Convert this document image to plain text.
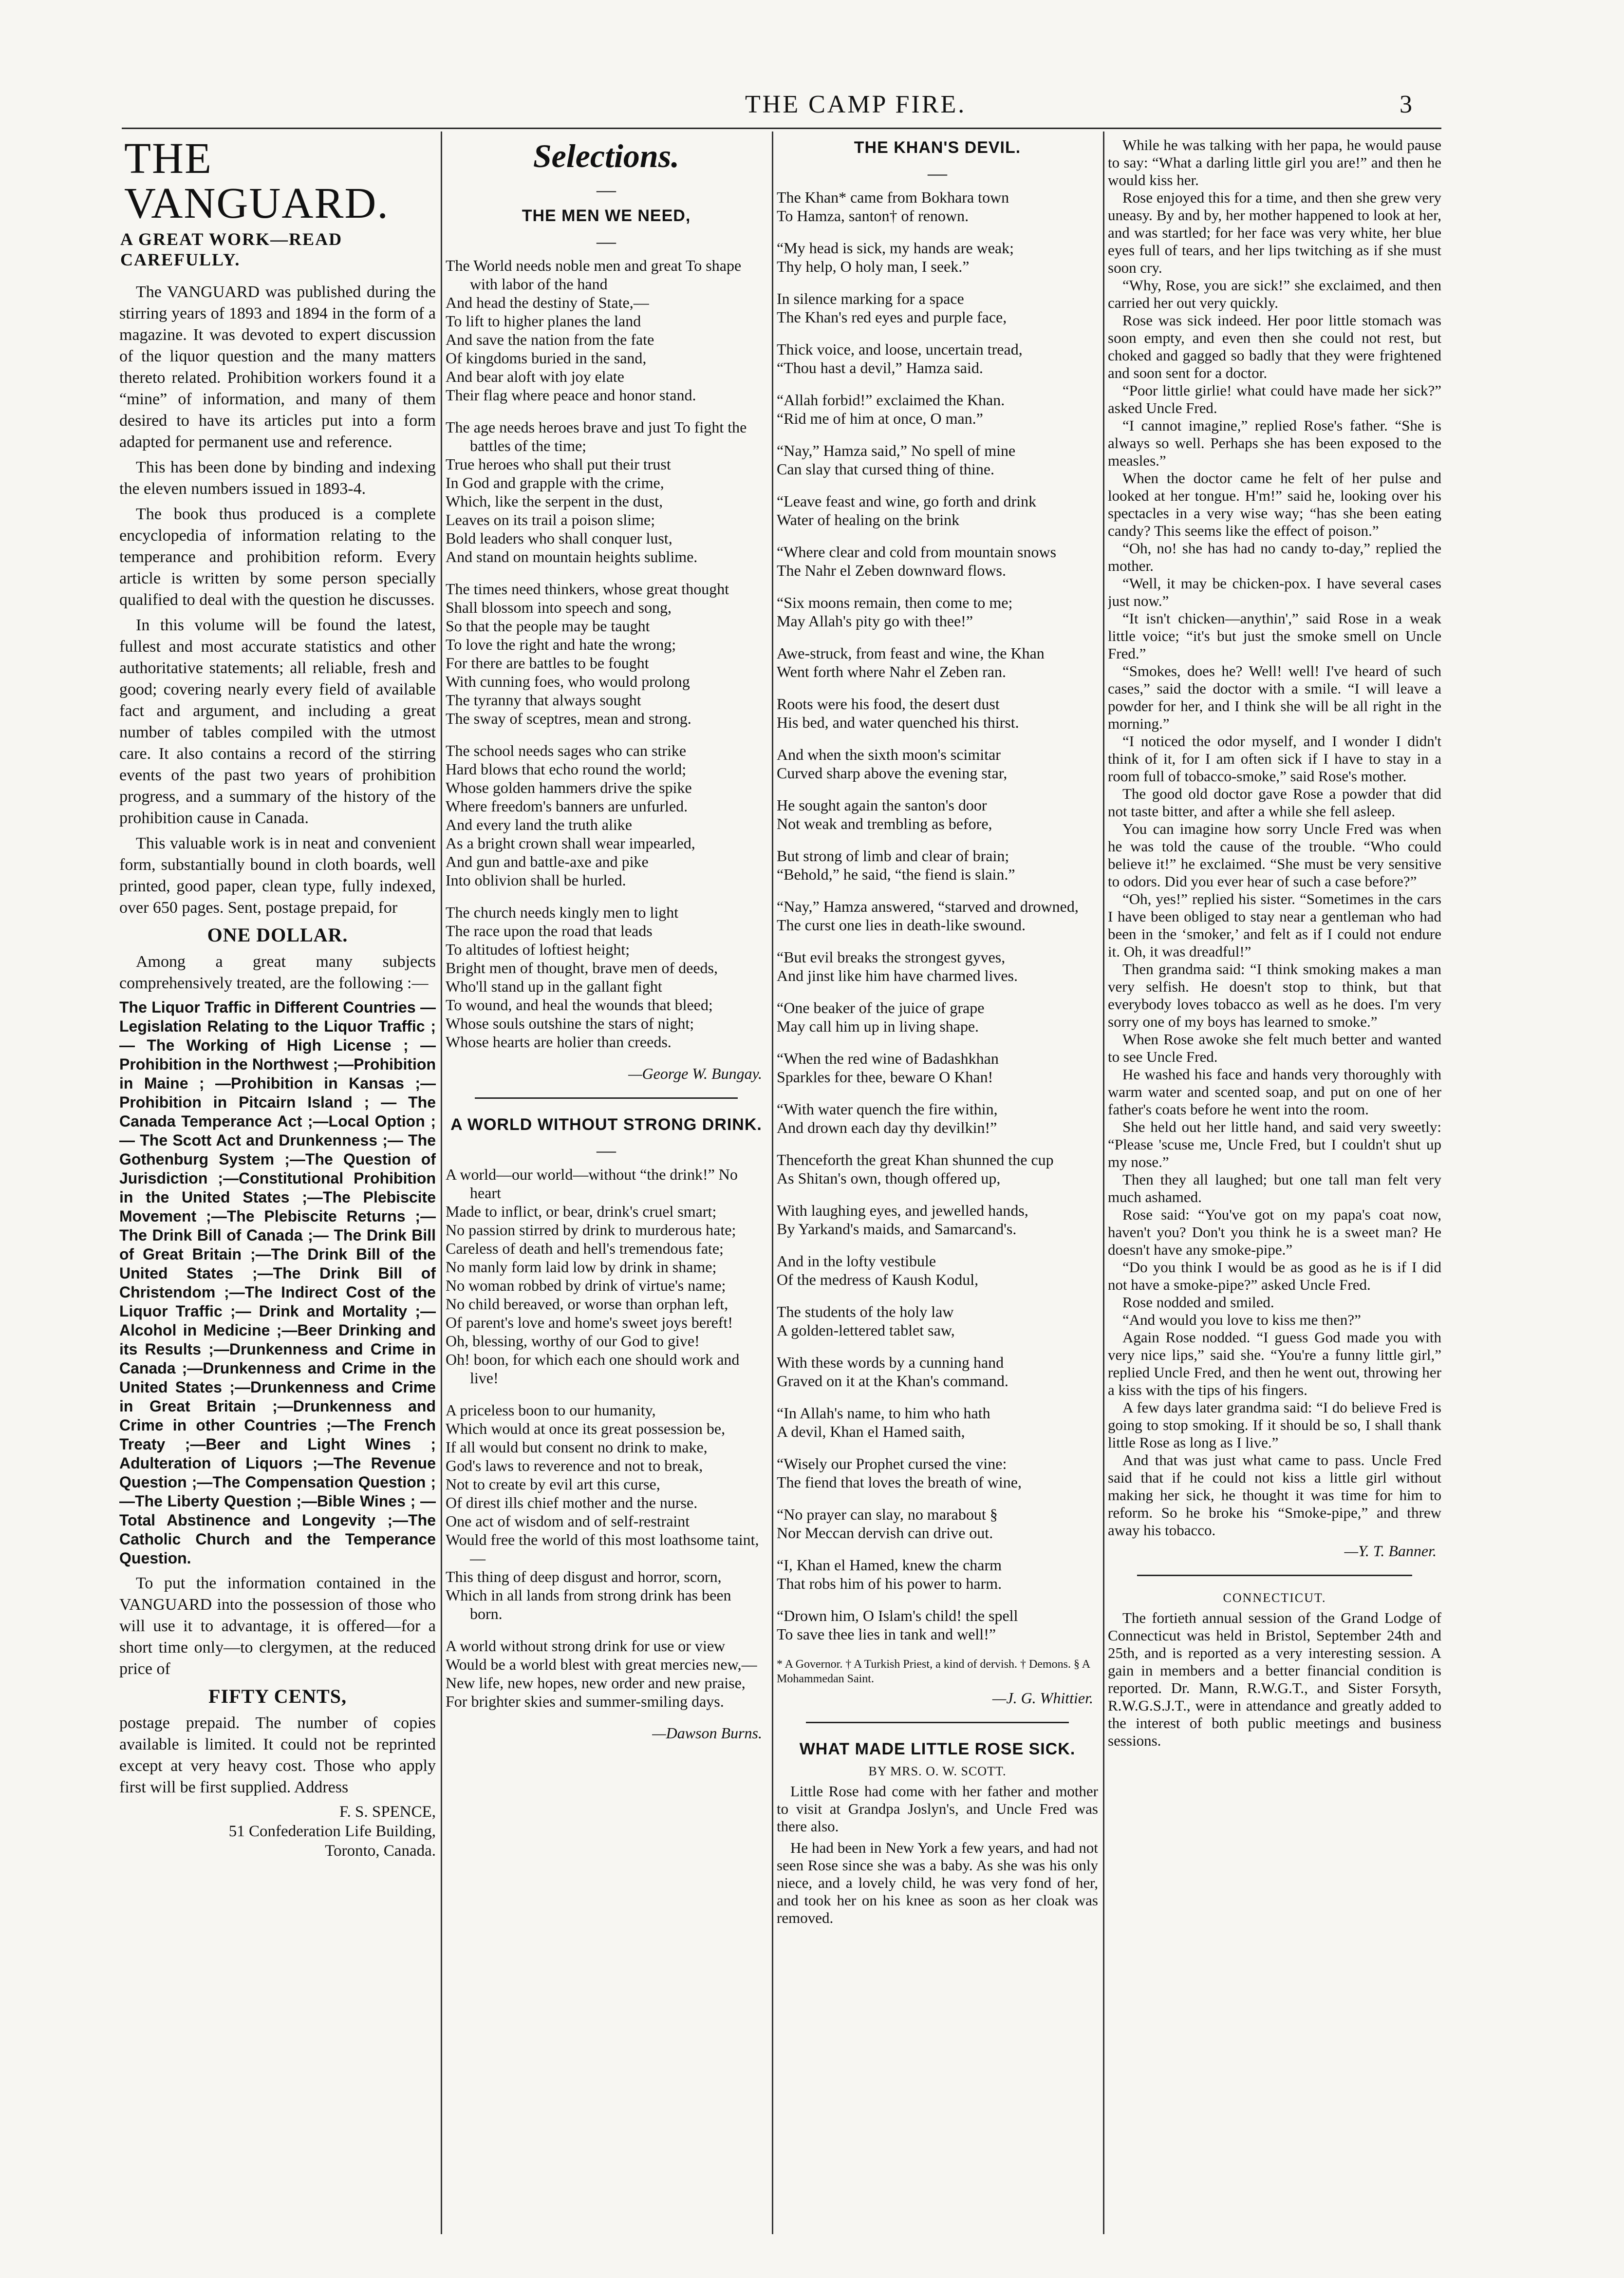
THE CAMP FIRE.	3
THE VANGUARD.
A GREAT WORK—READ CAREFULLY.

The VANGUARD was published during the stirring years of 1893 and 1894 in the form of a magazine. It was devoted to expert discussion of the liquor question and the many matters thereto related. Prohibition workers found it a “mine” of information, and many of them desired to have its articles put into a form adapted for permanent use and reference.

This has been done by binding and indexing the eleven numbers issued in 1893-4.

The book thus produced is a complete encyclopedia of information relating to the temperance and prohibition reform. Every article is written by some person specially qualified to deal with the question he discusses.

In this volume will be found the latest, fullest and most accurate statistics and other authoritative statements; all reliable, fresh and good; covering nearly every field of available fact and argument, and including a great number of tables compiled with the utmost care. It also contains a record of the stirring events of the past two years of prohibition progress, and a summary of the history of the prohibition cause in Canada.

This valuable work is in neat and convenient form, substantially bound in cloth boards, well printed, good paper, clean type, fully indexed, over 650 pages. Sent, postage prepaid, for

ONE DOLLAR.

Among a great many subjects comprehensively treated, are the following :—

The Liquor Traffic in Different Countries — Legislation Relating to the Liquor Traffic ; — The Working of High License ; — Prohibition in the Northwest ;—Prohibition in Maine ; —Prohibition in Kansas ;—Prohibition in Pitcairn Island ; — The Canada Temperance Act ;—Local Option ;— The Scott Act and Drunkenness ;— The Gothenburg System ;—The Question of Jurisdiction ;—Constitutional Prohibition in the United States ;—The Plebiscite Movement ;—The Plebiscite Returns ;—The Drink Bill of Canada ;— The Drink Bill of Great Britain ;—The Drink Bill of the United States ;—The Drink Bill of Christendom ;—The Indirect Cost of the Liquor Traffic ;— Drink and Mortality ;— Alcohol in Medicine ;—Beer Drinking and its Results ;—Drunkenness and Crime in Canada ;—Drunkenness and Crime in the United States ;—Drunkenness and Crime in Great Britain ;—Drunkenness and Crime in other Countries ;—The French Treaty ;—Beer and Light Wines ; Adulteration of Liquors ;—The Revenue Question ;—The Compensation Question ;—The Liberty Question ;—Bible Wines ; — Total Abstinence and Longevity ;—The Catholic Church and the Temperance Question.

To put the information contained in the VANGUARD into the possession of those who will use it to advantage, it is offered—for a short time only—to clergymen, at the reduced price of

FIFTY CENTS,

postage prepaid. The number of copies available is limited. It could not be reprinted except at very heavy cost. Those who apply first will be first supplied. Address

F. S. SPENCE,

51 Confederation Life Building,

Toronto, Canada.

Selections.
—
THE MEN WE NEED,
—
The World needs noble men and great To shape with labor of the hand
And head the destiny of State,—
To lift to higher planes the land
And save the nation from the fate
Of kingdoms buried in the sand,
And bear aloft with joy elate
Their flag where peace and honor stand.
The age needs heroes brave and just To fight the battles of the time;
True heroes who shall put their trust
In God and grapple with the crime,
Which, like the serpent in the dust,
Leaves on its trail a poison slime;
Bold leaders who shall conquer lust,
And stand on mountain heights sublime.
The times need thinkers, whose great thought
Shall blossom into speech and song,
So that the people may be taught
To love the right and hate the wrong;
For there are battles to be fought
With cunning foes, who would prolong
The tyranny that always sought
The sway of sceptres, mean and strong.
The school needs sages who can strike
Hard blows that echo round the world;
Whose golden hammers drive the spike
Where freedom's banners are unfurled.
And every land the truth alike
As a bright crown shall wear impearled,
And gun and battle-axe and pike
Into oblivion shall be hurled.
The church needs kingly men to light
The race upon the road that leads
To altitudes of loftiest height;
Bright men of thought, brave men of deeds,
Who'll stand up in the gallant fight
To wound, and heal the wounds that bleed;
Whose souls outshine the stars of night;
Whose hearts are holier than creeds.
—George W. Bungay.
A WORLD WITHOUT STRONG DRINK.
—
A world—our world—without “the drink!” No heart
Made to inflict, or bear, drink's cruel smart;
No passion stirred by drink to murderous hate;
Careless of death and hell's tremendous fate;
No manly form laid low by drink in shame;
No woman robbed by drink of virtue's name;
No child bereaved, or worse than orphan left,
Of parent's love and home's sweet joys bereft!
Oh, blessing, worthy of our God to give!
Oh! boon, for which each one should work and live!
A priceless boon to our humanity,
Which would at once its great possession be,
If all would but consent no drink to make,
God's laws to reverence and not to break,
Not to create by evil art this curse,
Of direst ills chief mother and the nurse.
One act of wisdom and of self-restraint
Would free the world of this most loathsome taint,—
This thing of deep disgust and horror, scorn,
Which in all lands from strong drink has been born.
A world without strong drink for use or view
Would be a world blest with great mercies new,—
New life, new hopes, new order and new praise,
For brighter skies and summer-smiling days.
—Dawson Burns.
THE KHAN'S DEVIL.
—
The Khan* came from Bokhara town
To Hamza, santon† of renown.
“My head is sick, my hands are weak;
Thy help, O holy man, I seek.”
In silence marking for a space
The Khan's red eyes and purple face,
Thick voice, and loose, uncertain tread,
“Thou hast a devil,” Hamza said.
“Allah forbid!” exclaimed the Khan.
“Rid me of him at once, O man.”
“Nay,” Hamza said,” No spell of mine
Can slay that cursed thing of thine.
“Leave feast and wine, go forth and drink
Water of healing on the brink
“Where clear and cold from mountain snows
The Nahr el Zeben downward flows.
“Six moons remain, then come to me;
May Allah's pity go with thee!”
Awe-struck, from feast and wine, the Khan
Went forth where Nahr el Zeben ran.
Roots were his food, the desert dust
His bed, and water quenched his thirst.
And when the sixth moon's scimitar
Curved sharp above the evening star,
He sought again the santon's door
Not weak and trembling as before,
But strong of limb and clear of brain;
“Behold,” he said, “the fiend is slain.”
“Nay,” Hamza answered, “starved and drowned,
The curst one lies in death-like swound.
“But evil breaks the strongest gyves,
And jinst like him have charmed lives.
“One beaker of the juice of grape
May call him up in living shape.
“When the red wine of Badashkhan
Sparkles for thee, beware O Khan!
“With water quench the fire within,
And drown each day thy devilkin!”
Thenceforth the great Khan shunned the cup
As Shitan's own, though offered up,
With laughing eyes, and jewelled hands,
By Yarkand's maids, and Samarcand's.
And in the lofty vestibule
Of the medress of Kaush Kodul,
The students of the holy law
A golden-lettered tablet saw,
With these words by a cunning hand
Graved on it at the Khan's command.
“In Allah's name, to him who hath
A devil, Khan el Hamed saith,
“Wisely our Prophet cursed the vine:
The fiend that loves the breath of wine,
“No prayer can slay, no marabout §
Nor Meccan dervish can drive out.
“I, Khan el Hamed, knew the charm
That robs him of his power to harm.
“Drown him, O Islam's child! the spell
To save thee lies in tank and well!”
* A Governor. † A Turkish Priest, a kind of dervish. † Demons. § A Mohammedan Saint.
—J. G. Whittier.
WHAT MADE LITTLE ROSE SICK.
BY MRS. O. W. SCOTT.

Little Rose had come with her father and mother to visit at Grandpa Joslyn's, and Uncle Fred was there also.

He had been in New York a few years, and had not seen Rose since she was a baby. As she was his only niece, and a lovely child, he was very fond of her, and took her on his knee as soon as her cloak was removed.

While he was talking with her papa, he would pause to say: “What a darling little girl you are!” and then he would kiss her.

Rose enjoyed this for a time, and then she grew very uneasy. By and by, her mother happened to look at her, and was startled; for her face was very white, her blue eyes full of tears, and her lips twitching as if she must soon cry.

“Why, Rose, you are sick!” she exclaimed, and then carried her out very quickly.

Rose was sick indeed. Her poor little stomach was soon empty, and even then she could not rest, but choked and gagged so badly that they were frightened and soon sent for a doctor.

“Poor little girlie! what could have made her sick?” asked Uncle Fred.

“I cannot imagine,” replied Rose's father. “She is always so well. Perhaps she has been exposed to the measles.”

When the doctor came he felt of her pulse and looked at her tongue. H'm!” said he, looking over his spectacles in a very wise way; “has she been eating candy? This seems like the effect of poison.”

“Oh, no! she has had no candy to-day,” replied the mother.

“Well, it may be chicken-pox. I have several cases just now.”

“It isn't chicken—anythin',” said Rose in a weak little voice; “it's but just the smoke smell on Uncle Fred.”

“Smokes, does he? Well! well! I've heard of such cases,” said the doctor with a smile. “I will leave a powder for her, and I think she will be all right in the morning.”

“I noticed the odor myself, and I wonder I didn't think of it, for I am often sick if I have to stay in a room full of tobacco-smoke,” said Rose's mother.

The good old doctor gave Rose a powder that did not taste bitter, and after a while she fell asleep.

You can imagine how sorry Uncle Fred was when he was told the cause of the trouble. “Who could believe it!” he exclaimed. “She must be very sensitive to odors. Did you ever hear of such a case before?”

“Oh, yes!” replied his sister. “Sometimes in the cars I have been obliged to stay near a gentleman who had been in the ‘smoker,’ and felt as if I could not endure it. Oh, it was dreadful!”

Then grandma said: “I think smoking makes a man very selfish. He doesn't stop to think, but that everybody loves tobacco as well as he does. I'm very sorry one of my boys has learned to smoke.”

When Rose awoke she felt much better and wanted to see Uncle Fred.

He washed his face and hands very thoroughly with warm water and scented soap, and put on one of her father's coats before he went into the room.

She held out her little hand, and said very sweetly: “Please 'scuse me, Uncle Fred, but I couldn't shut up my nose.”

Then they all laughed; but one tall man felt very much ashamed.

Rose said: “You've got on my papa's coat now, haven't you? Don't you think he is a sweet man? He doesn't have any smoke-pipe.”

“Do you think I would be as good as he is if I did not have a smoke-pipe?” asked Uncle Fred.

Rose nodded and smiled.

“And would you love to kiss me then?”

Again Rose nodded. “I guess God made you with very nice lips,” said she. “You're a funny little girl,” replied Uncle Fred, and then he went out, throwing her a kiss with the tips of his fingers.

A few days later grandma said: “I do believe Fred is going to stop smoking. If it should be so, I shall thank little Rose as long as I live.”

And that was just what came to pass. Uncle Fred said that if he could not kiss a little girl without making her sick, he thought it was time for him to reform. So he broke his “Smoke-pipe,” and threw away his tobacco.

—Y. T. Banner.
CONNECTICUT.

The fortieth annual session of the Grand Lodge of Connecticut was held in Bristol, September 24th and 25th, and is reported as a very interesting session. A gain in members and a better financial condition is reported. Dr. Mann, R.W.G.T., and Sister Forsyth, R.W.G.S.J.T., were in attendance and greatly added to the interest of both public meetings and business sessions.
